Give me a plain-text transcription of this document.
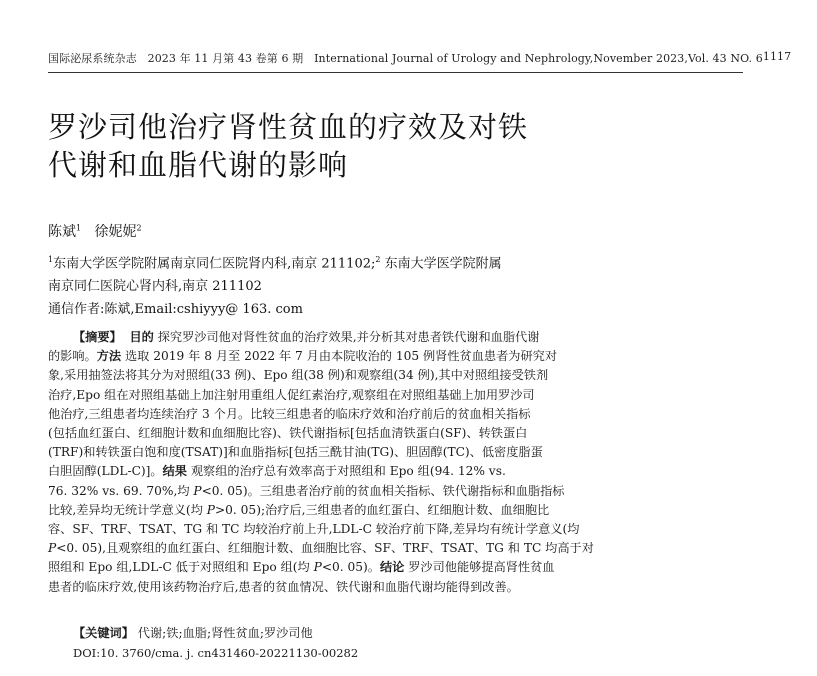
国际泌尿系统杂志 2023 年 11 月第 43 卷第 6 期 International Journal of Urology and Nephrology,November 2023,Vol. 43 NO. 6 1117
罗沙司他治疗肾性贫血的疗效及对铁
代谢和血脂代谢的影响
陈斌$^1$ 徐妮妮$^2$
$^1$东南大学医学院附属南京同仁医院肾内科,南京 211102;$^2$ 东南大学医学院附属
南京同仁医院心肾内科,南京 211102
通信作者:陈斌,Email:cshiyyy@ 163. com
【摘要】 目的 探究罗沙司他对肾性贫血的治疗效果,并分析其对患者铁代谢和血脂代谢
的影响。方法 选取 2019 年 8 月至 2022 年 7 月由本院收治的 105 例肾性贫血患者为研究对
象,采用抽签法将其分为对照组(33 例)、Epo 组(38 例)和观察组(34 例),其中对照组接受铁剂
治疗,Epo 组在对照组基础上加注射用重组人促红素治疗,观察组在对照组基础上加用罗沙司
他治疗,三组患者均连续治疗 3 个月。比较三组患者的临床疗效和治疗前后的贫血相关指标
(包括血红蛋白、红细胞计数和血细胞比容)、铁代谢指标[包括血清铁蛋白(SF)、转铁蛋白
(TRF)和转铁蛋白饱和度(TSAT)]和血脂指标[包括三酰甘油(TG)、胆固醇(TC)、低密度脂蛋
白胆固醇(LDL-C)]。结果 观察组的治疗总有效率高于对照组和 Epo 组(94. 12% vs.
76. 32% vs. 69. 70%,均 P<0. 05)。三组患者治疗前的贫血相关指标、铁代谢指标和血脂指标
比较,差异均无统计学意义(均 P>0. 05);治疗后,三组患者的血红蛋白、红细胞计数、血细胞比
容、SF、TRF、TSAT、TG 和 TC 均较治疗前上升,LDL-C 较治疗前下降,差异均有统计学意义(均
P<0. 05),且观察组的血红蛋白、红细胞计数、血细胞比容、SF、TRF、TSAT、TG 和 TC 均高于对
照组和 Epo 组,LDL-C 低于对照组和 Epo 组(均 P<0. 05)。结论 罗沙司他能够提高肾性贫血
患者的临床疗效,使用该药物治疗后,患者的贫血情况、铁代谢和血脂代谢均能得到改善。
【关键词】 代谢;铁;血脂;肾性贫血;罗沙司他
DOI:10. 3760/cma. j. cn431460-20221130-00282
